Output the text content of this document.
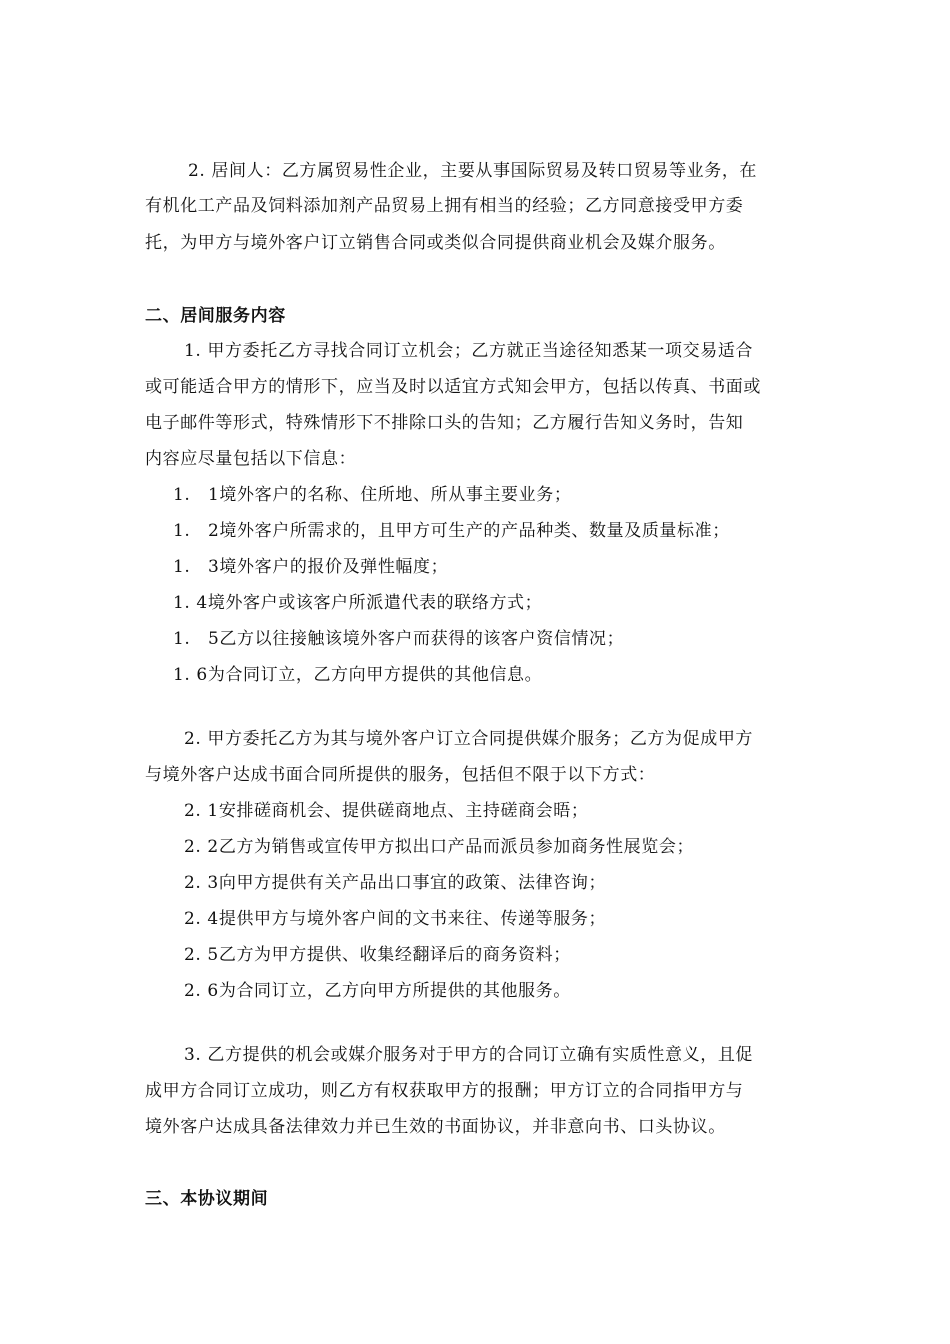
2. 居间人：乙方属贸易性企业，主要从事国际贸易及转口贸易等业务，在
有机化工产品及饲料添加剂产品贸易上拥有相当的经验；乙方同意接受甲方委
托，为甲方与境外客户订立销售合同或类似合同提供商业机会及媒介服务。
二、居间服务内容
1. 甲方委托乙方寻找合同订立机会；乙方就正当途径知悉某一项交易适合
或可能适合甲方的情形下，应当及时以适宜方式知会甲方，包括以传真、书面或
电子邮件等形式，特殊情形下不排除口头的告知；乙方履行告知义务时，告知
内容应尽量包括以下信息：
1.　1境外客户的名称、住所地、所从事主要业务；
1.　2境外客户所需求的，且甲方可生产的产品种类、数量及质量标准；
1.　3境外客户的报价及弹性幅度；
1. 4境外客户或该客户所派遣代表的联络方式；
1.　5乙方以往接触该境外客户而获得的该客户资信情况；
1. 6为合同订立，乙方向甲方提供的其他信息。
2. 甲方委托乙方为其与境外客户订立合同提供媒介服务；乙方为促成甲方
与境外客户达成书面合同所提供的服务，包括但不限于以下方式：
2. 1安排磋商机会、提供磋商地点、主持磋商会晤；
2. 2乙方为销售或宣传甲方拟出口产品而派员参加商务性展览会；
2. 3向甲方提供有关产品出口事宜的政策、法律咨询；
2. 4提供甲方与境外客户间的文书来往、传递等服务；
2. 5乙方为甲方提供、收集经翻译后的商务资料；
2. 6为合同订立，乙方向甲方所提供的其他服务。
3. 乙方提供的机会或媒介服务对于甲方的合同订立确有实质性意义，且促
成甲方合同订立成功，则乙方有权获取甲方的报酬；甲方订立的合同指甲方与
境外客户达成具备法律效力并已生效的书面协议，并非意向书、口头协议。
三、本协议期间
